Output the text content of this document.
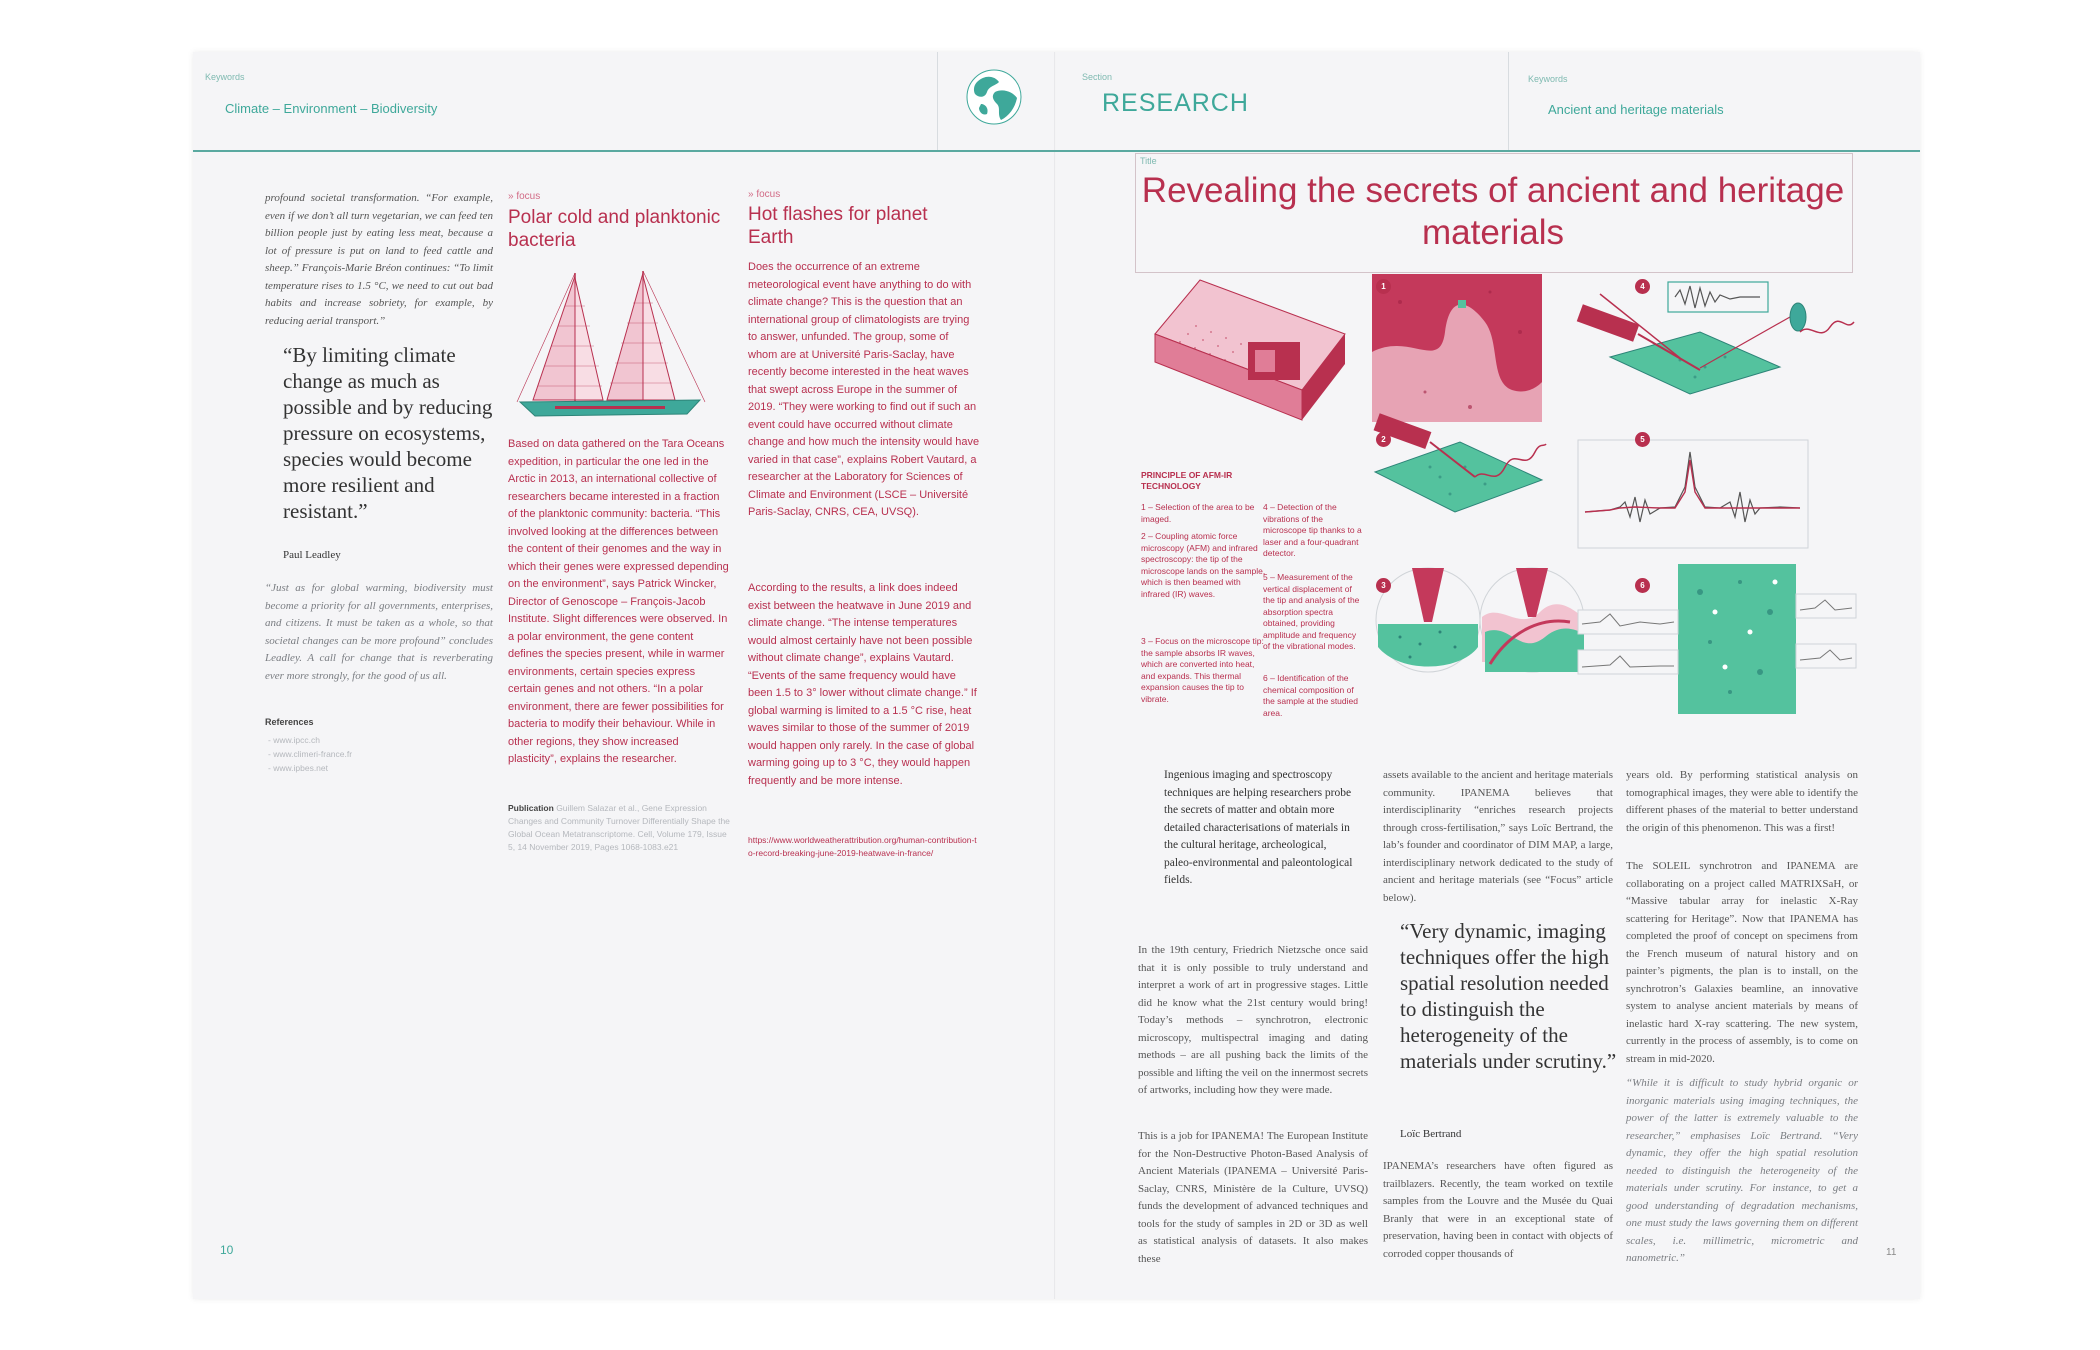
Keywords
Climate – Environment – Biodiversity
Section
RESEARCH
Keywords
Ancient and heritage materials
profound societal transformation. “For example, even if we don’t all turn vegetarian, we can feed ten billion people just by eating less meat, because a lot of pressure is put on land to feed cattle and sheep.” François-Marie Bréon continues: “To limit temperature rises to 1.5 °C, we need to cut out bad habits and increase sobriety, for example, by reducing aerial transport.”
“By limiting climate change as much as possible and by reducing pressure on ecosystems, species would become more resilient and resistant.”
Paul Leadley
“Just as for global warming, biodiversity must become a priority for all governments, enterprises, and citizens. It must be taken as a whole, so that societal changes can be more profound” concludes Leadley. A call for change that is reverberating ever more strongly, for the good of us all.
References
- www.ipcc.ch
- www.climeri-france.fr
- www.ipbes.net
10
» focus
Polar cold and planktonic bacteria
Based on data gathered on the Tara Oceans expedition, in particular the one led in the Arctic in 2013, an international collective of researchers became interested in a fraction of the planktonic community: bacteria. “This involved looking at the differences between the content of their genomes and the way in which their genes were expressed depending on the environment”, says Patrick Wincker, Director of Genoscope – François-Jacob Institute. Slight differences were observed. In a polar environment, the gene content defines the species present, while in warmer environments, certain species express certain genes and not others. “In a polar environment, there are fewer possibilities for bacteria to modify their behaviour. While in other regions, they show increased plasticity”, explains the researcher.
Publication Guillem Salazar et al., Gene Expression Changes and Community Turnover Differentially Shape the Global Ocean Metatranscriptome. Cell, Volume 179, Issue 5, 14 November 2019, Pages 1068-1083.e21
» focus
Hot flashes for planet Earth
Does the occurrence of an extreme meteorological event have anything to do with climate change? This is the question that an international group of climatologists are trying to answer, unfunded. The group, some of whom are at Université Paris-Saclay, have recently become interested in the heat waves that swept across Europe in the summer of 2019. “They were working to find out if such an event could have occurred without climate change and how much the intensity would have varied in that case”, explains Robert Vautard, a researcher at the Laboratory for Sciences of Climate and Environment (LSCE – Université Paris-Saclay, CNRS, CEA, UVSQ).
According to the results, a link does indeed exist between the heatwave in June 2019 and climate change. “The intense temperatures would almost certainly have not been possible without climate change”, explains Vautard. “Events of the same frequency would have been 1.5 to 3° lower without climate change.” If global warming is limited to a 1.5 °C rise, heat waves similar to those of the summer of 2019 would happen only rarely. In the case of global warming going up to 3 °C, they would happen frequently and be more intense.
https://www.worldweatherattribution.org/human-contribution-to-record-breaking-june-2019-heatwave-in-france/
Title
Revealing the secrets of ancient and heritage materials
1
2
3
4
5
6
PRINCIPLE OF AFM-IR TECHNOLOGY
1 – Selection of the area to be imaged.
2 – Coupling atomic force microscopy (AFM) and infrared spectroscopy: the tip of the microscope lands on the sample, which is then beamed with infrared (IR) waves.
3 – Focus on the microscope tip: the sample absorbs IR waves, which are converted into heat, and expands. This thermal expansion causes the tip to vibrate.
4 – Detection of the vibrations of the microscope tip thanks to a laser and a four-quadrant detector.
5 – Measurement of the vertical displacement of the tip and analysis of the absorption spectra obtained, providing amplitude and frequency of the vibrational modes.
6 – Identification of the chemical composition of the sample at the studied area.
Ingenious imaging and spectroscopy techniques are helping researchers probe the secrets of matter and obtain more detailed characterisations of materials in the cultural heritage, archeological, paleo-environmental and paleontological fields.
In the 19th century, Friedrich Nietzsche once said that it is only possible to truly understand and interpret a work of art in progressive stages. Little did he know what the 21st century would bring! Today’s methods – synchrotron, electronic microscopy, multispectral imaging and dating methods – are all pushing back the limits of the possible and lifting the veil on the innermost secrets of artworks, including how they were made.
This is a job for IPANEMA! The European Institute for the Non-Destructive Photon-Based Analysis of Ancient Materials (IPANEMA – Université Paris-Saclay, CNRS, Ministère de la Culture, UVSQ) funds the development of advanced techniques and tools for the study of samples in 2D or 3D as well as statistical analysis of datasets. It also makes these
assets available to the ancient and heritage materials community. IPANEMA believes that interdisciplinarity “enriches research projects through cross-fertilisation,” says Loïc Bertrand, the lab’s founder and coordinator of DIM MAP, a large, interdisciplinary network dedicated to the study of ancient and heritage materials (see “Focus” article below).
“Very dynamic, imaging techniques offer the high spatial resolution needed to distinguish the heterogeneity of the materials under scrutiny.”
Loïc Bertrand
IPANEMA’s researchers have often figured as trailblazers. Recently, the team worked on textile samples from the Louvre and the Musée du Quai Branly that were in an exceptional state of preservation, having been in contact with objects of corroded copper thousands of
years old. By performing statistical analysis on tomographical images, they were able to identify the different phases of the material to better understand the origin of this phenomenon. This was a first!
The SOLEIL synchrotron and IPANEMA are collaborating on a project called MATRIXSaH, or “Massive tabular array for inelastic X-Ray scattering for Heritage”. Now that IPANEMA has completed the proof of concept on specimens from the French museum of natural history and on painter’s pigments, the plan is to install, on the synchrotron’s Galaxies beamline, an innovative system to analyse ancient materials by means of inelastic hard X-ray scattering. The new system, currently in the process of assembly, is to come on stream in mid-2020.
“While it is difficult to study hybrid organic or inorganic materials using imaging techniques, the power of the latter is extremely valuable to the researcher,” emphasises Loïc Bertrand. “Very dynamic, they offer the high spatial resolution needed to distinguish the heterogeneity of the materials under scrutiny. For instance, to get a good understanding of degradation mechanisms, one must study the laws governing them on different scales, i.e. millimetric, micrometric and nanometric.”	11
